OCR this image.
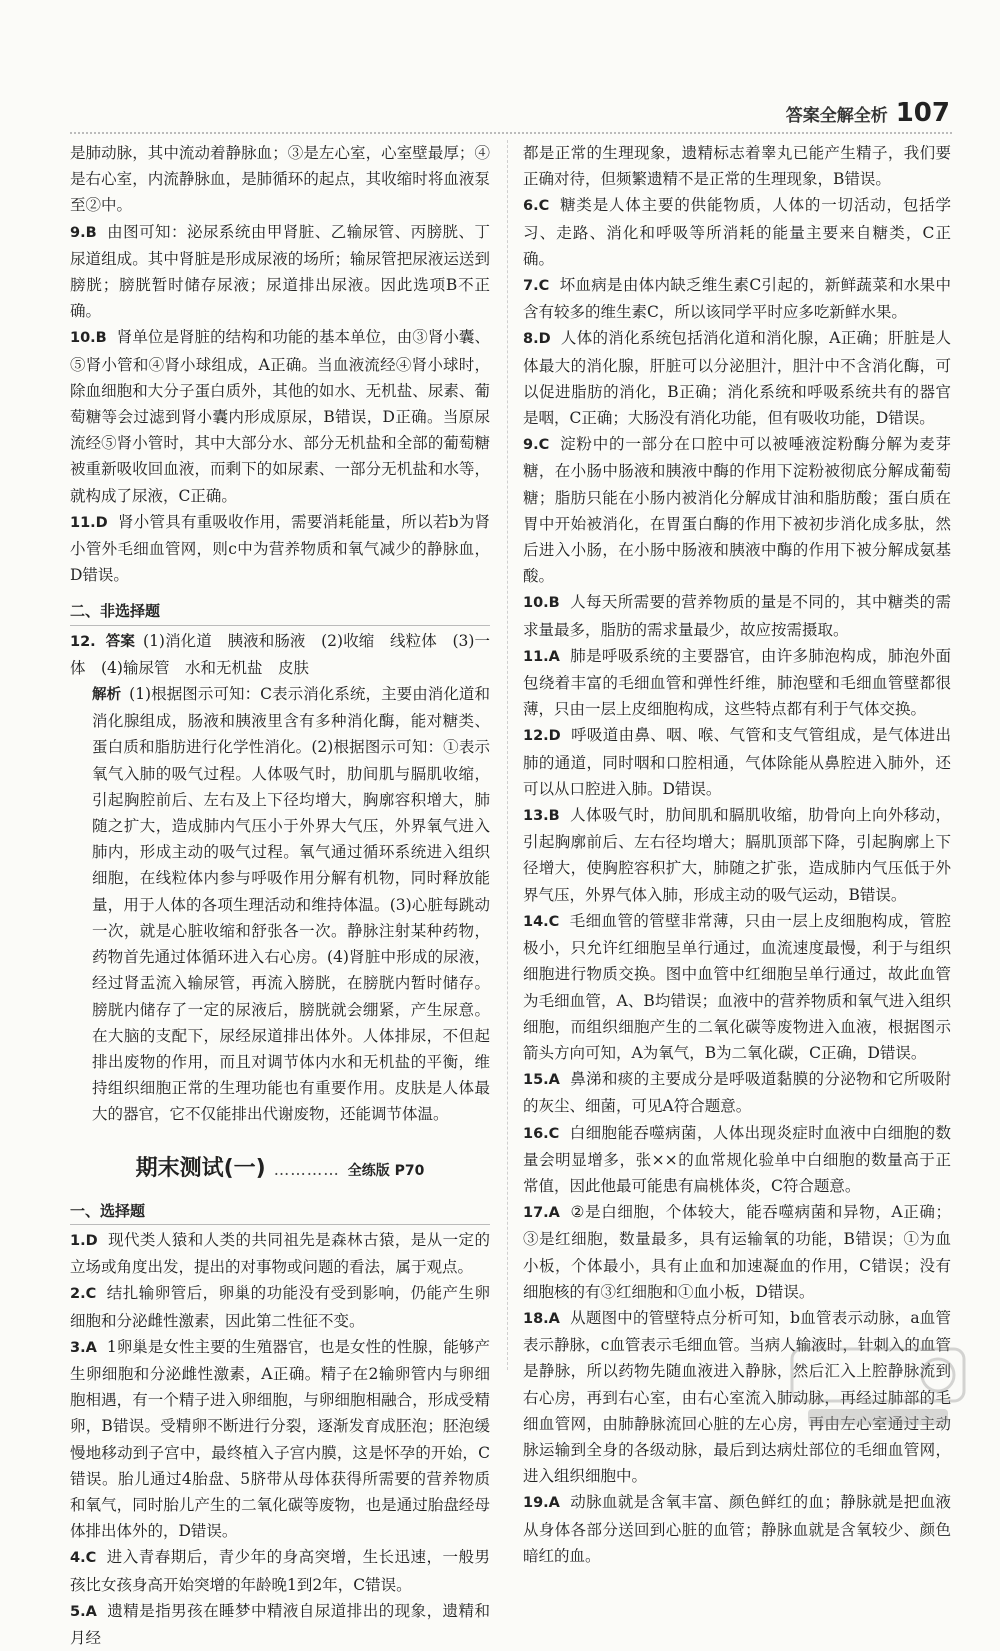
答案全解全析 107

是肺动脉，其中流动着静脉血；③是左心室，心室壁最厚；④是右心室，内流静脉血，是肺循环的起点，其收缩时将血液泵至②中。

9.B 由图可知：泌尿系统由甲肾脏、乙输尿管、丙膀胱、丁尿道组成。其中肾脏是形成尿液的场所；输尿管把尿液运送到膀胱；膀胱暂时储存尿液；尿道排出尿液。因此选项B不正确。

10.B 肾单位是肾脏的结构和功能的基本单位，由③肾小囊、⑤肾小管和④肾小球组成，A正确。当血液流经④肾小球时，除血细胞和大分子蛋白质外，其他的如水、无机盐、尿素、葡萄糖等会过滤到肾小囊内形成原尿，B错误，D正确。当原尿流经⑤肾小管时，其中大部分水、部分无机盐和全部的葡萄糖被重新吸收回血液，而剩下的如尿素、一部分无机盐和水等，就构成了尿液，C正确。

11.D 肾小管具有重吸收作用，需要消耗能量，所以若b为肾小管外毛细血管网，则c中为营养物质和氧气减少的静脉血，D错误。

二、非选择题

12. 答案 (1)消化道　胰液和肠液　(2)收缩　线粒体　(3)一体　(4)输尿管　水和无机盐　皮肤

解析 (1)根据图示可知：C表示消化系统，主要由消化道和消化腺组成，肠液和胰液里含有多种消化酶，能对糖类、蛋白质和脂肪进行化学性消化。(2)根据图示可知：①表示氧气入肺的吸气过程。人体吸气时，肋间肌与膈肌收缩，引起胸腔前后、左右及上下径均增大，胸廓容积增大，肺随之扩大，造成肺内气压小于外界大气压，外界氧气进入肺内，形成主动的吸气过程。氧气通过循环系统进入组织细胞，在线粒体内参与呼吸作用分解有机物，同时释放能量，用于人体的各项生理活动和维持体温。(3)心脏每跳动一次，就是心脏收缩和舒张各一次。静脉注射某种药物，药物首先通过体循环进入右心房。(4)肾脏中形成的尿液，经过肾盂流入输尿管，再流入膀胱，在膀胱内暂时储存。膀胱内储存了一定的尿液后，膀胱就会绷紧，产生尿意。在大脑的支配下，尿经尿道排出体外。人体排尿，不但起排出废物的作用，而且对调节体内水和无机盐的平衡，维持组织细胞正常的生理功能也有重要作用。皮肤是人体最大的器官，它不仅能排出代谢废物，还能调节体温。

期末测试(一) ………… 全练版 P70
一、选择题

1.D 现代类人猿和人类的共同祖先是森林古猿，是从一定的立场或角度出发，提出的对事物或问题的看法，属于观点。

2.C 结扎输卵管后，卵巢的功能没有受到影响，仍能产生卵细胞和分泌雌性激素，因此第二性征不变。

3.A 1卵巢是女性主要的生殖器官，也是女性的性腺，能够产生卵细胞和分泌雌性激素，A正确。精子在2输卵管内与卵细胞相遇，有一个精子进入卵细胞，与卵细胞相融合，形成受精卵，B错误。受精卵不断进行分裂，逐渐发育成胚泡；胚泡缓慢地移动到子宫中，最终植入子宫内膜，这是怀孕的开始，C错误。胎儿通过4胎盘、5脐带从母体获得所需要的营养物质和氧气，同时胎儿产生的二氧化碳等废物，也是通过胎盘经母体排出体外的，D错误。

4.C 进入青春期后，青少年的身高突增，生长迅速，一般男孩比女孩身高开始突增的年龄晚1到2年，C错误。

5.A 遗精是指男孩在睡梦中精液自尿道排出的现象，遗精和月经

都是正常的生理现象，遗精标志着睾丸已能产生精子，我们要正确对待，但频繁遗精不是正常的生理现象，B错误。

6.C 糖类是人体主要的供能物质，人体的一切活动，包括学习、走路、消化和呼吸等所消耗的能量主要来自糖类，C正确。

7.C 坏血病是由体内缺乏维生素C引起的，新鲜蔬菜和水果中含有较多的维生素C，所以该同学平时应多吃新鲜水果。

8.D 人体的消化系统包括消化道和消化腺，A正确；肝脏是人体最大的消化腺，肝脏可以分泌胆汁，胆汁中不含消化酶，可以促进脂肪的消化，B正确；消化系统和呼吸系统共有的器官是咽，C正确；大肠没有消化功能，但有吸收功能，D错误。

9.C 淀粉中的一部分在口腔中可以被唾液淀粉酶分解为麦芽糖，在小肠中肠液和胰液中酶的作用下淀粉被彻底分解成葡萄糖；脂肪只能在小肠内被消化分解成甘油和脂肪酸；蛋白质在胃中开始被消化，在胃蛋白酶的作用下被初步消化成多肽，然后进入小肠，在小肠中肠液和胰液中酶的作用下被分解成氨基酸。

10.B 人每天所需要的营养物质的量是不同的，其中糖类的需求量最多，脂肪的需求量最少，故应按需摄取。

11.A 肺是呼吸系统的主要器官，由许多肺泡构成，肺泡外面包绕着丰富的毛细血管和弹性纤维，肺泡壁和毛细血管壁都很薄，只由一层上皮细胞构成，这些特点都有利于气体交换。

12.D 呼吸道由鼻、咽、喉、气管和支气管组成，是气体进出肺的通道，同时咽和口腔相通，气体除能从鼻腔进入肺外，还可以从口腔进入肺。D错误。

13.B 人体吸气时，肋间肌和膈肌收缩，肋骨向上向外移动，引起胸廓前后、左右径均增大；膈肌顶部下降，引起胸廓上下径增大，使胸腔容积扩大，肺随之扩张，造成肺内气压低于外界气压，外界气体入肺，形成主动的吸气运动，B错误。

14.C 毛细血管的管壁非常薄，只由一层上皮细胞构成，管腔极小，只允许红细胞呈单行通过，血流速度最慢，利于与组织细胞进行物质交换。图中血管中红细胞呈单行通过，故此血管为毛细血管，A、B均错误；血液中的营养物质和氧气进入组织细胞，而组织细胞产生的二氧化碳等废物进入血液，根据图示箭头方向可知，A为氧气，B为二氧化碳，C正确，D错误。

15.A 鼻涕和痰的主要成分是呼吸道黏膜的分泌物和它所吸附的灰尘、细菌，可见A符合题意。

16.C 白细胞能吞噬病菌，人体出现炎症时血液中白细胞的数量会明显增多，张××的血常规化验单中白细胞的数量高于正常值，因此他最可能患有扁桃体炎，C符合题意。

17.A ②是白细胞，个体较大，能吞噬病菌和异物，A正确；③是红细胞，数量最多，具有运输氧的功能，B错误；①为血小板，个体最小，具有止血和加速凝血的作用，C错误；没有细胞核的有③红细胞和①血小板，D错误。

18.A 从题图中的管壁特点分析可知，b血管表示动脉，a血管表示静脉，c血管表示毛细血管。当病人输液时，针刺入的血管是静脉，所以药物先随血液进入静脉，然后汇入上腔静脉流到右心房，再到右心室，由右心室流入肺动脉，再经过肺部的毛细血管网，由肺静脉流回心脏的左心房，再由左心室通过主动脉运输到全身的各级动脉，最后到达病灶部位的毛细血管网，进入组织细胞中。

19.A 动脉血就是含氧丰富、颜色鲜红的血；静脉就是把血液从身体各部分送回到心脏的血管；静脉血就是含氧较少、颜色暗红的血。
